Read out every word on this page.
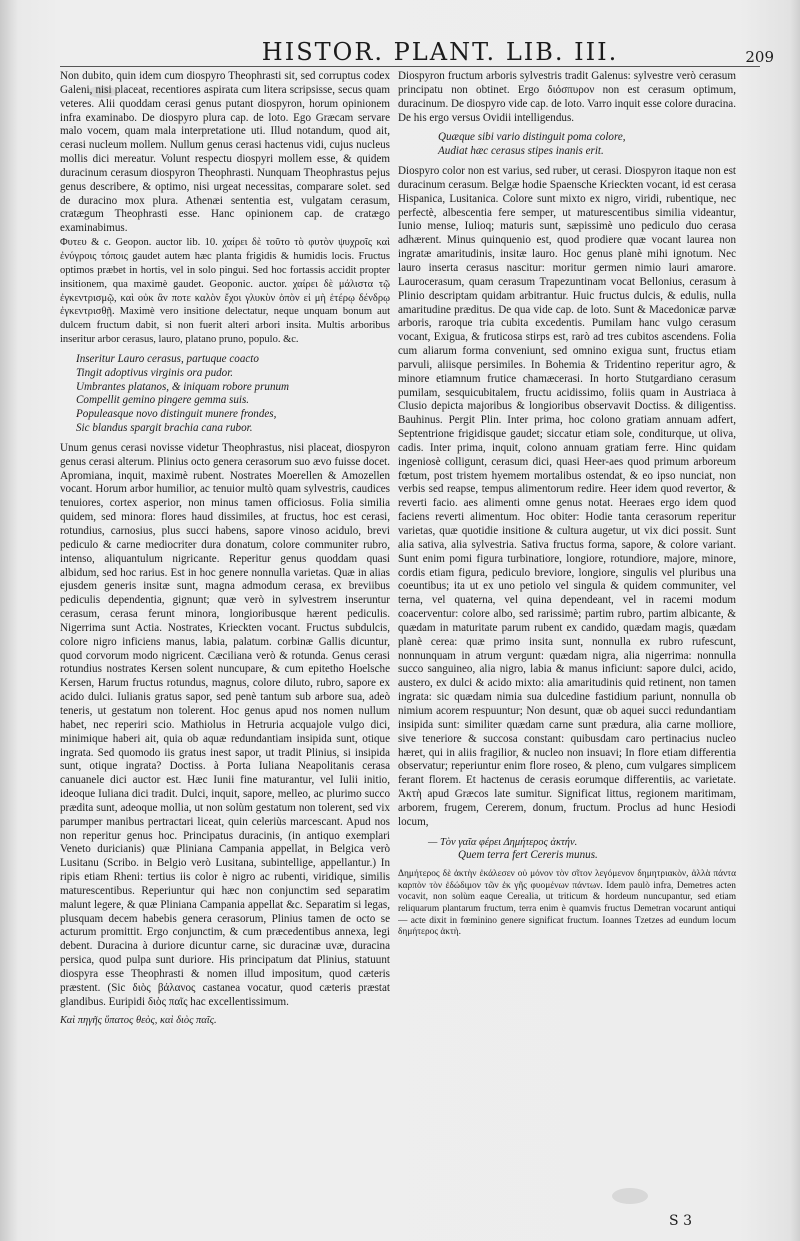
HISTOR. PLANT. LIB. III.	209

Non dubito, quin idem cum diospyro Theophrasti sit, sed corruptus codex Galeni, nisi placeat, recentiores aspirata cum litera scripsisse, secus quam veteres. Alii quoddam cerasi genus putant diospyron, horum opinionem infra examinabo. De diospyro plura cap. de loto. Ego Græcam servare malo vocem, quam mala interpretatione uti. Illud notandum, quod ait, cerasi nucleum mollem. Nullum genus cerasi hactenus vidi, cujus nucleus mollis dici mereatur. Volunt respectu diospyri mollem esse, & quidem duracinum cerasum diospyron Theophrasti. Nunquam Theophrastus pejus genus describere, & optimo, nisi urgeat necessitas, comparare solet. sed de duracino mox plura. Athenæi sententia est, vulgatam cerasum, cratægum Theophrasti esse. Hanc opinionem cap. de cratægo examinabimus.

Φυτευ & c. Geopon. auctor lib. 10. χαίρει δὲ τοῦτο τὸ φυτὸν ψυχροῖς καὶ ἐνύγροις τόποις gaudet autem hæc planta frigidis & humidis locis. Fructus optimos præbet in hortis, vel in solo pingui. Sed hoc fortassis accidit propter insitionem, qua maximè gaudet. Geoponic. auctor. χαίρει δὲ μάλιστα τῷ ἐγκεντρισμῷ, καὶ οὐκ ἂν ποτε καλὸν ἔχοι γλυκὺν ὀπὸν εἰ μὴ ἑτέρῳ δένδρῳ ἐγκεντρισθῇ. Maximè vero insitione delectatur, neque unquam bonum aut dulcem fructum dabit, si non fuerit alteri arbori insita. Multis arboribus inseritur arbor cerasus, lauro, platano pruno, populo. &c.

Inseritur Lauro cerasus, partuque coacto
Tingit adoptivus virginis ora pudor.
Umbrantes platanos, & iniquam robore prunum
Compellit gemino pingere gemma suis.
Populeasque novo distinguit munere frondes,
Sic blandus spargit brachia cana rubor.

Unum genus cerasi novisse videtur Theophrastus, nisi placeat, diospyron genus cerasi alterum. Plinius octo genera cerasorum suo ævo fuisse docet. Apromiana, inquit, maximè rubent. Nostrates Moerellen & Amozellen vocant. Horum arbor humilior, ac tenuior multò quam sylvestris, caudices tenuiores, cortex asperior, non minus tamen officiosus. Folia similia quidem, sed minora: flores haud dissimiles, at fructus, hoc est cerasi, rotundius, carnosius, plus succi habens, sapore vinoso acidulo, brevi pediculo & carne mediocriter dura donatum, colore communiter rubro, intenso, aliquantulum nigricante. Reperitur genus quoddam quasi albidum, sed hoc rarius. Est in hoc genere nonnulla varietas. Quæ in alias ejusdem generis insitæ sunt, magna admodum cerasa, ex breviibus pediculis dependentia, gignunt; quæ verò in sylvestrem inseruntur cerasum, cerasa ferunt minora, longioribusque hærent pediculis. Nigerrima sunt Actia. Nostrates, Krieckten vocant. Fructus subdulcis, colore nigro inficiens manus, labia, palatum. corbinæ Gallis dicuntur, quod corvorum modo nigricent. Cæciliana verò & rotunda. Genus cerasi rotundius nostrates Kersen solent nuncupare, & cum epitetho Hoelsche Kersen, Harum fructus rotundus, magnus, colore diluto, rubro, sapore ex acido dulci. Iulianis gratus sapor, sed penè tantum sub arbore sua, adeò teneris, ut gestatum non tolerent. Hoc genus apud nos nomen nullum habet, nec reperiri scio. Mathiolus in Hetruria acquajole vulgo dici, minimique haberi ait, quia ob aquæ redundantiam insipida sunt, otique ingrata. Sed quomodo iis gratus inest sapor, ut tradit Plinius, si insipida sunt, otique ingrata? Doctiss. à Porta Iuliana Neapolitanis cerasa canuanele dici auctor est. Hæc Iunii fine maturantur, vel Iulii initio, ideoque Iuliana dici tradit. Dulci, inquit, sapore, melleo, ac plurimo succo prædita sunt, adeoque mollia, ut non solùm gestatum non tolerent, sed vix parumper manibus pertractari liceat, quin celeriùs marcescant. Apud nos non reperitur genus hoc. Principatus duracinis, (in antiquo exemplari Veneto duricianis) quæ Pliniana Campania appellat, in Belgica verò Lusitanu (Scribo. in Belgio verò Lusitana, subintellige, appellantur.) In ripis etiam Rheni: tertius iis color è nigro ac rubenti, viridique, similis maturescentibus. Reperiuntur qui hæc non conjunctim sed separatim malunt legere, & quæ Pliniana Campania appellat &c. Separatim si legas, plusquam decem habebis genera cerasorum, Plinius tamen de octo se acturum promittit. Ergo conjunctim, & cum præcedentibus annexa, legi debent. Duracina à duriore dicuntur carne, sic duracinæ uvæ, duracina persica, quod pulpa sunt duriore. His principatum dat Plinius, statuunt diospyra esse Theophrasti & nomen illud impositum, quod cæteris præstent. (Sic διὸς βάλανος castanea vocatur, quod cæteris præstat glandibus. Euripidi διὸς παῖς hac excellentissimum.

Καὶ πηγῆς ὕπατος θεὸς, καὶ διὸς παῖς.

Diospyron fructum arboris sylvestris tradit Galenus: sylvestre verò cerasum principatu non obtinet. Ergo διόσπυρον non est cerasum optimum, duracinum. De diospyro vide cap. de loto. Varro inquit esse colore duracina. De his ergo versus Ovidii intelligendus.

Quæque sibi vario distinguit poma colore,
Audiat hæc cerasus stipes inanis erit.

Diospyro color non est varius, sed ruber, ut cerasi. Diospyron itaque non est duracinum cerasum. Belgæ hodie Spaensche Krieckten vocant, id est cerasa Hispanica, Lusitanica. Colore sunt mixto ex nigro, viridi, rubentique, nec perfectè, albescentia fere semper, ut maturescentibus similia videantur, Iunio mense, Iulioq; maturis sunt, sæpissimè uno pediculo duo cerasa adhærent. Minus quinquenio est, quod prodiere quæ vocant laurea non ingratæ amaritudinis, insitæ lauro. Hoc genus planè mihi ignotum. Nec lauro inserta cerasus nascitur: moritur germen nimio lauri amarore. Laurocerasum, quam cerasum Trapezuntinam vocat Bellonius, cerasum à Plinio descriptam quidam arbitrantur. Huic fructus dulcis, & edulis, nulla amaritudine præditus. De qua vide cap. de loto. Sunt & Macedonicæ parvæ arboris, raroque tria cubita excedentis. Pumilam hanc vulgo cerasum vocant, Exigua, & fruticosa stirps est, rarò ad tres cubitos ascendens. Folia cum aliarum forma conveniunt, sed omnino exigua sunt, fructus etiam parvuli, aliisque persimiles. In Bohemia & Tridentino reperitur agro, & minore etiamnum frutice chamæcerasi. In horto Stutgardiano cerasum pumilam, sesquicubitalem, fructu acidissimo, foliis quam in Austriaca à Clusio depicta majoribus & longioribus observavit Doctiss. & diligentiss. Bauhinus. Pergit Plin. Inter prima, hoc colono gratiam annuam adfert, Septentrione frigidisque gaudet; siccatur etiam sole, conditurque, ut oliva, cadis. Inter prima, inquit, colono annuam gratiam ferre. Hinc quidam ingeniosè colligunt, cerasum dici, quasi Heer-aes quod primum arboreum fœtum, post tristem hyemem mortalibus ostendat, & eo ipso nunciat, non verbis sed reapse, tempus alimentorum redire. Heer idem quod revertor, & reverti facio. aes alimenti omne genus notat. Heeraes ergo idem quod faciens reverti alimentum. Hoc obiter: Hodie tanta cerasorum reperitur varietas, quæ quotidie insitione & cultura augetur, ut vix dici possit. Sunt alia sativa, alia sylvestria. Sativa fructus forma, sapore, & colore variant. Sunt enim pomi figura turbinatiore, longiore, rotundiore, majore, minore, cordis etiam figura, pediculo breviore, longiore, singulis vel pluribus una coeuntibus; ita ut ex uno petiolo vel singula & quidem communiter, vel terna, vel quaterna, vel quina dependeant, vel in racemi modum coacerventur: colore albo, sed rarissimè; partim rubro, partim albicante, & quædam in maturitate parum rubent ex candido, quædam magis, quædam planè cerea: quæ primo insita sunt, nonnulla ex rubro rufescunt, nonnunquam in atrum vergunt: quædam nigra, alia nigerrima: nonnulla succo sanguineo, alia nigro, labia & manus inficiunt: sapore dulci, acido, austero, ex dulci & acido mixto: alia amaritudinis quid retinent, non tamen ingrata: sic quædam nimia sua dulcedine fastidium pariunt, nonnulla ob nimium acorem respuuntur; Non desunt, quæ ob aquei succi redundantiam insipida sunt: similiter quædam carne sunt prædura, alia carne molliore, sive teneriore & succosa constant: quibusdam caro pertinacius nucleo hæret, qui in aliis fragilior, & nucleo non insuavi; In flore etiam differentia observatur; reperiuntur enim flore roseo, & pleno, cum vulgares simplicem ferant florem. Et hactenus de cerasis eorumque differentiis, ac varietate. Ἀκτὴ apud Græcos late sumitur. Significat littus, regionem maritimam, arborem, frugem, Cererem, donum, fructum. Proclus ad hunc Hesiodi locum,

— Τὸν γαῖα φέρει Δημήτερος ἀκτήν.

Quem terra fert Cereris munus.

Δημήτερος δὲ ἀκτὴν ἐκάλεσεν οὐ μόνον τὸν σῖτον λεγόμενον δημητριακὸν, ἀλλὰ πάντα καρπὸν τὸν ἐδώδιμον τῶν ἐκ γῆς φυομένων πάντων. Idem paulò infra, Demetres acten vocavit, non solùm eaque Cerealia, ut triticum & hordeum nuncupantur, sed etiam reliquarum plantarum fructum, terra enim è quamvis fructus Demetran vocarunt antiqui — acte dixit in fœminino genere significat fructum. Ioannes Tzetzes ad eundum locum δημήτερος ἀκτὴ.

S 3
